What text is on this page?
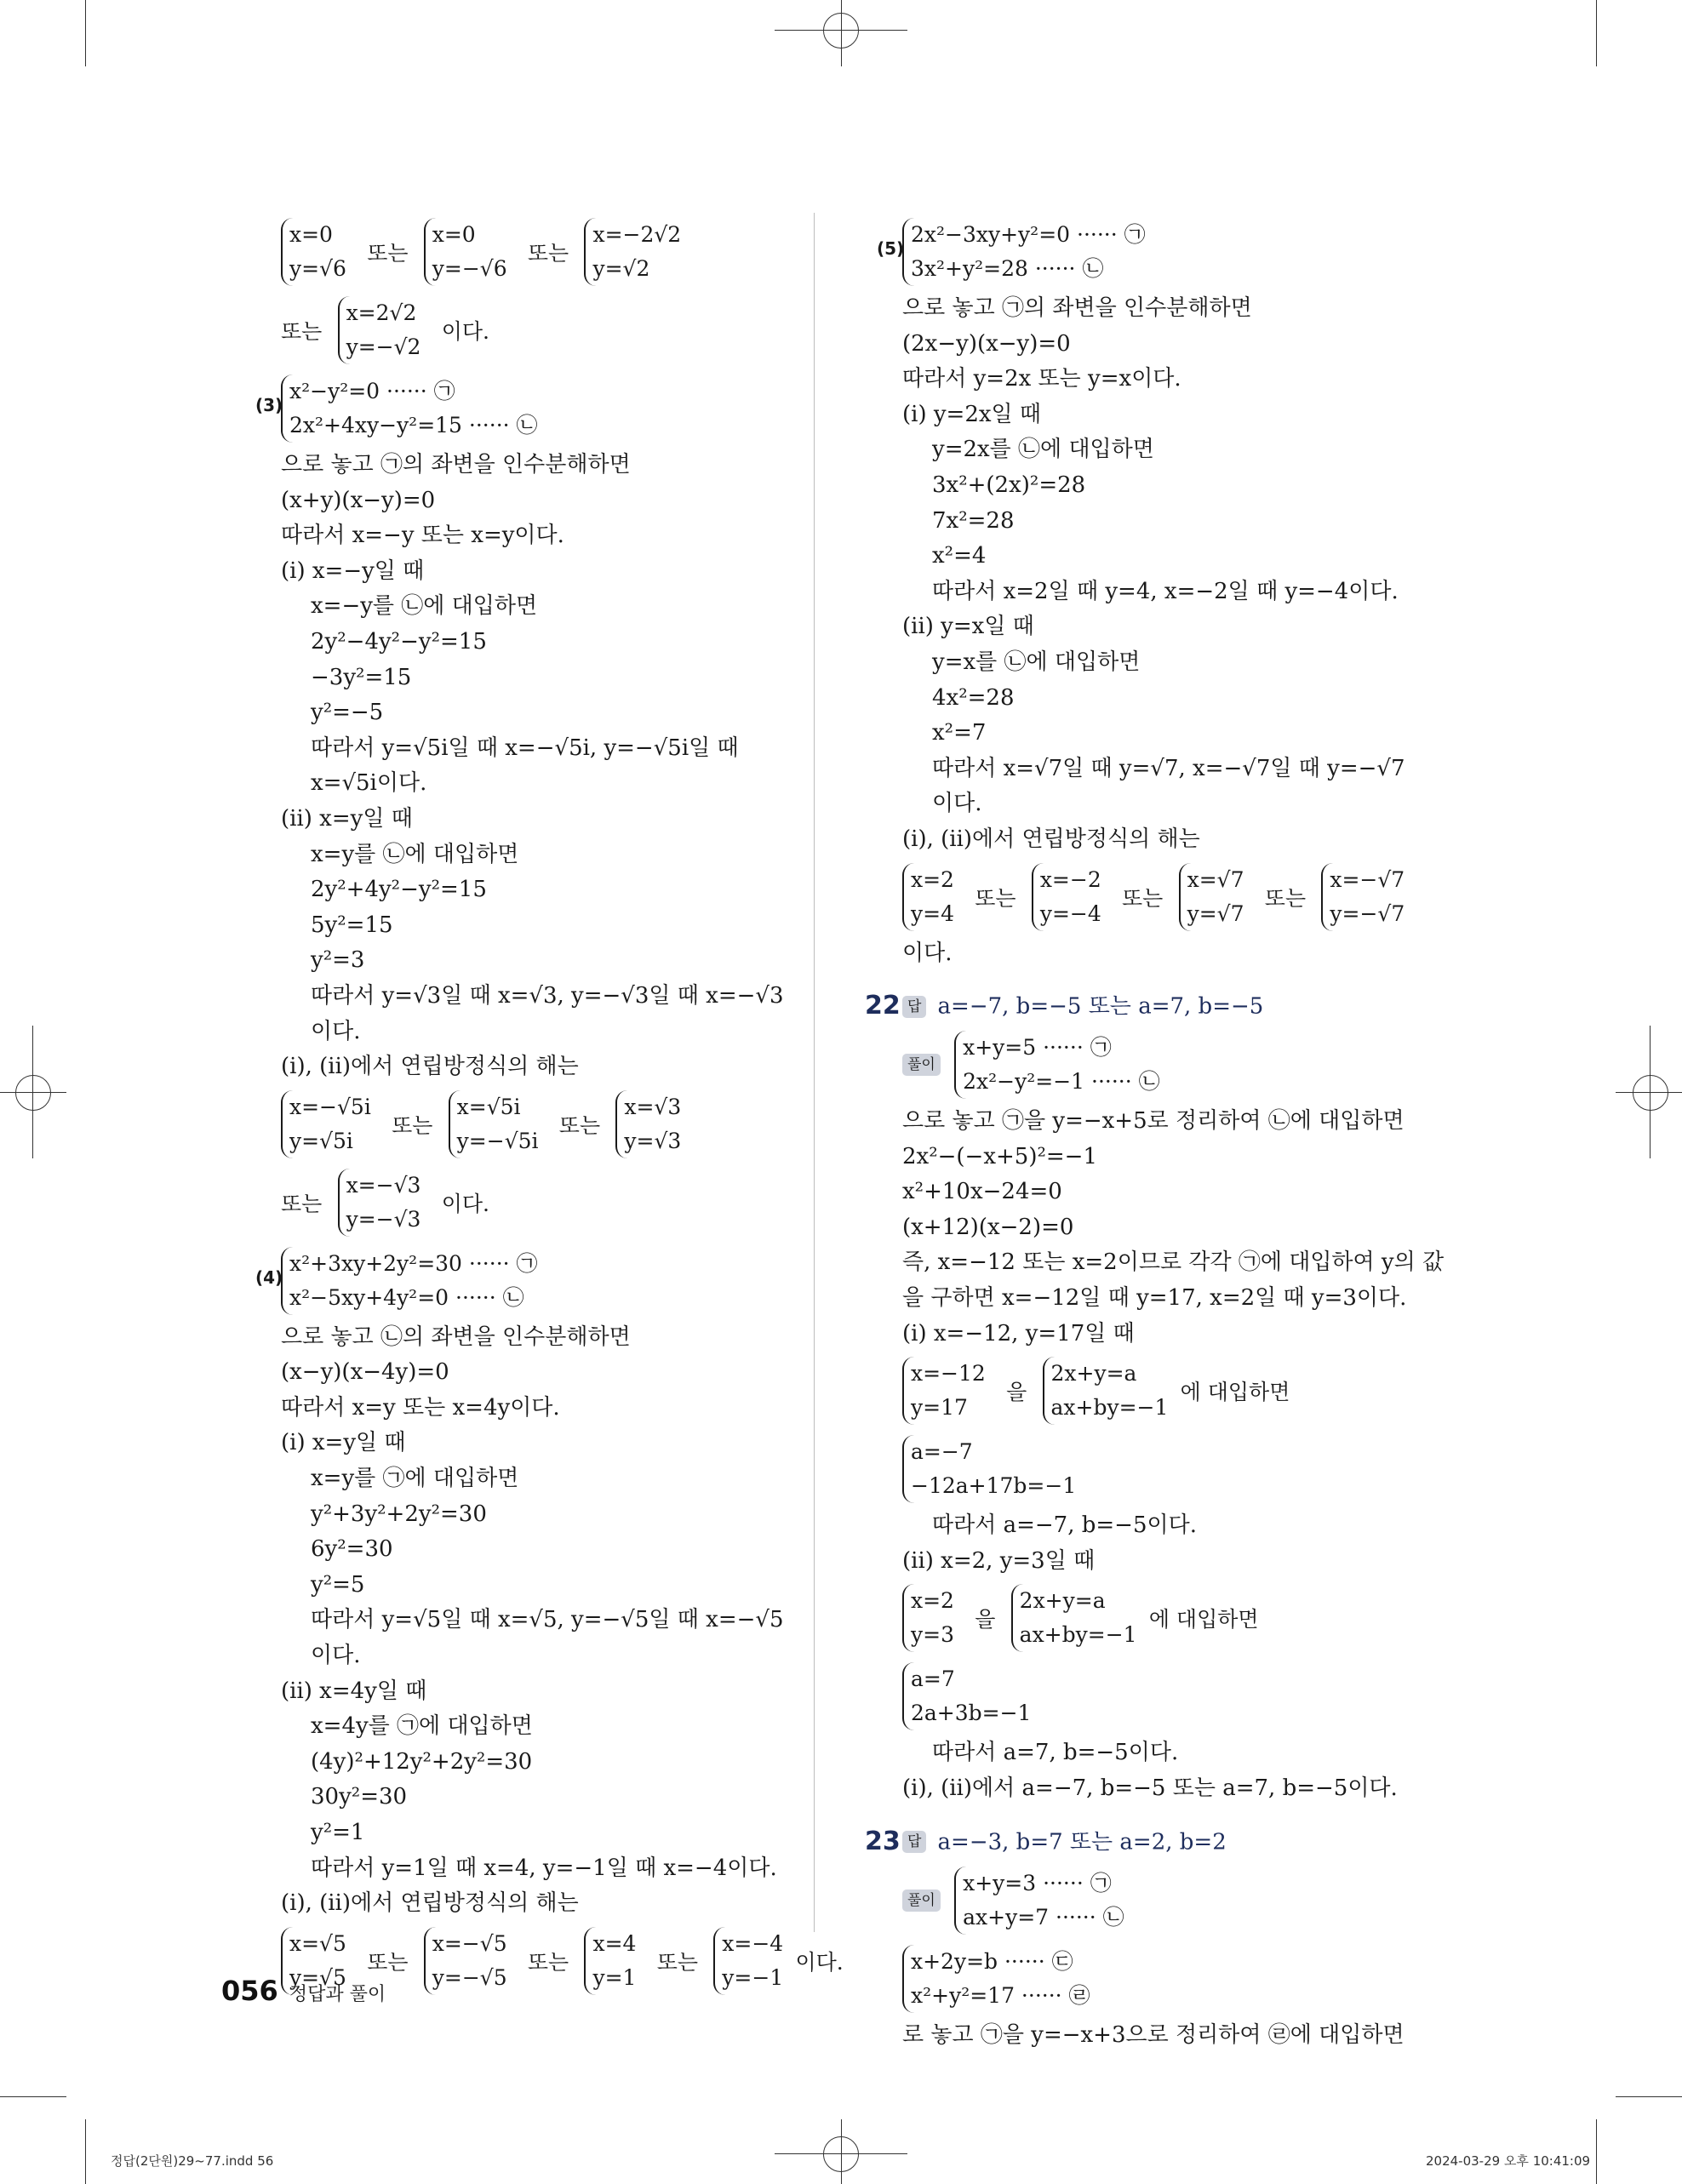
x=0
y=√6
또는
x=0
y=−√6
또는
x=−2√2
y=√2
또는
x=2√2
y=−√2
이다.
(3)
x²−y²=0 ······ ㉠
2x²+4xy−y²=15 ······ ㉡
으로 놓고 ㉠의 좌변을 인수분해하면
(x+y)(x−y)=0
따라서 x=−y 또는 x=y이다.
(ⅰ) x=−y일 때
x=−y를 ㉡에 대입하면
2y²−4y²−y²=15
−3y²=15
y²=−5
따라서 y=√5i일 때 x=−√5i, y=−√5i일 때
x=√5i이다.
(ⅱ) x=y일 때
x=y를 ㉡에 대입하면
2y²+4y²−y²=15
5y²=15
y²=3
따라서 y=√3일 때 x=√3, y=−√3일 때 x=−√3
이다.
(ⅰ), (ⅱ)에서 연립방정식의 해는
x=−√5i
y=√5i
또는
x=√5i
y=−√5i
또는
x=√3
y=√3
또는
x=−√3
y=−√3
이다.
(4)
x²+3xy+2y²=30 ······ ㉠
x²−5xy+4y²=0 ······ ㉡
으로 놓고 ㉡의 좌변을 인수분해하면
(x−y)(x−4y)=0
따라서 x=y 또는 x=4y이다.
(ⅰ) x=y일 때
x=y를 ㉠에 대입하면
y²+3y²+2y²=30
6y²=30
y²=5
따라서 y=√5일 때 x=√5, y=−√5일 때 x=−√5
이다.
(ⅱ) x=4y일 때
x=4y를 ㉠에 대입하면
(4y)²+12y²+2y²=30
30y²=30
y²=1
따라서 y=1일 때 x=4, y=−1일 때 x=−4이다.
(ⅰ), (ⅱ)에서 연립방정식의 해는
x=√5
y=√5
또는
x=−√5
y=−√5
또는
x=4
y=1
또는
x=−4
y=−1
이다.
(5)
2x²−3xy+y²=0 ······ ㉠
3x²+y²=28 ······ ㉡
으로 놓고 ㉠의 좌변을 인수분해하면
(2x−y)(x−y)=0
따라서 y=2x 또는 y=x이다.
(ⅰ) y=2x일 때
y=2x를 ㉡에 대입하면
3x²+(2x)²=28
7x²=28
x²=4
따라서 x=2일 때 y=4, x=−2일 때 y=−4이다.
(ⅱ) y=x일 때
y=x를 ㉡에 대입하면
4x²=28
x²=7
따라서 x=√7일 때 y=√7, x=−√7일 때 y=−√7
이다.
(ⅰ), (ⅱ)에서 연립방정식의 해는
x=2
y=4
또는
x=−2
y=−4
또는
x=√7
y=√7
또는
x=−√7
y=−√7
이다.
22 답 a=−7, b=−5 또는 a=7, b=−5
풀이
x+y=5 ······ ㉠
2x²−y²=−1 ······ ㉡
으로 놓고 ㉠을 y=−x+5로 정리하여 ㉡에 대입하면
2x²−(−x+5)²=−1
x²+10x−24=0
(x+12)(x−2)=0
즉, x=−12 또는 x=2이므로 각각 ㉠에 대입하여 y의 값
을 구하면 x=−12일 때 y=17, x=2일 때 y=3이다.
(ⅰ) x=−12, y=17일 때
x=−12
y=17
을
2x+y=a
ax+by=−1
에 대입하면
a=−7
−12a+17b=−1
따라서 a=−7, b=−5이다.
(ⅱ) x=2, y=3일 때
x=2
y=3
을
2x+y=a
ax+by=−1
에 대입하면
a=7
2a+3b=−1
따라서 a=7, b=−5이다.
(ⅰ), (ⅱ)에서 a=−7, b=−5 또는 a=7, b=−5이다.
23 답 a=−3, b=7 또는 a=2, b=2
풀이
x+y=3 ······ ㉠
ax+y=7 ······ ㉡
x+2y=b ······ ㉢
x²+y²=17 ······ ㉣
로 놓고 ㉠을 y=−x+3으로 정리하여 ㉣에 대입하면
056 정답과 풀이
정답(2단원)29~77.indd 56	2024-03-29 오후 10:41:09
